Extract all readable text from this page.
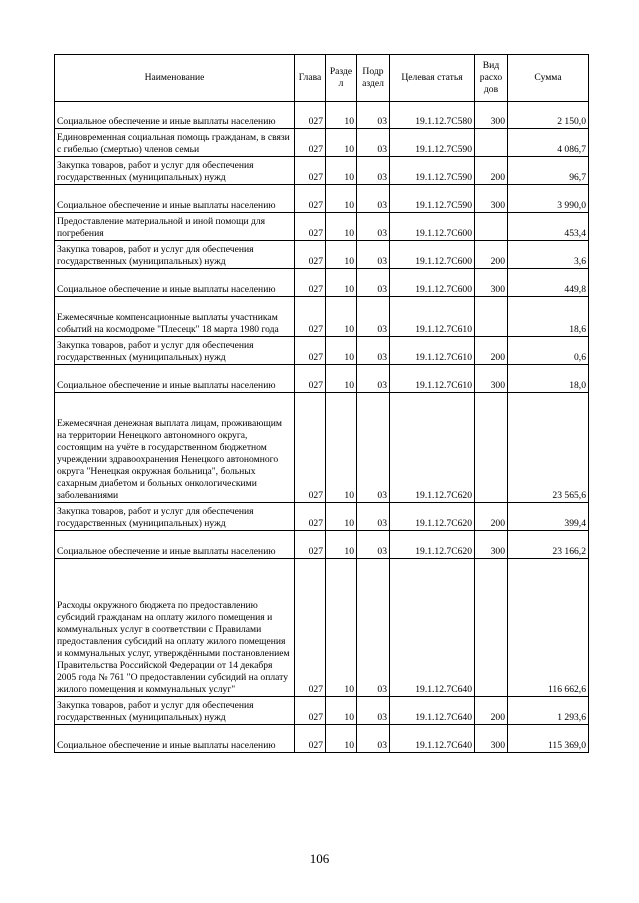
Наименование	Глава	Разде л	Подр аздел	Целевая статья	Вид расхо дов	Сумма

Социальное обеспечение и иные выплаты населению	027	10	03	19.1.12.7С580	300	2 150,0

Единовременная социальная помощь гражданам, в связи с гибелью (смертью) членов семьи	027	10	03	19.1.12.7С590		4 086,7

Закупка товаров, работ и услуг для обеспечения государственных (муниципальных) нужд	027	10	03	19.1.12.7С590	200	96,7

Социальное обеспечение и иные выплаты населению	027	10	03	19.1.12.7С590	300	3 990,0

Предоставление материальной и иной помощи для погребения	027	10	03	19.1.12.7С600		453,4

Закупка товаров, работ и услуг для обеспечения государственных (муниципальных) нужд	027	10	03	19.1.12.7С600	200	3,6

Социальное обеспечение и иные выплаты населению	027	10	03	19.1.12.7С600	300	449,8

Ежемесячные компенсационные выплаты участникам событий на космодроме "Плесецк" 18 марта 1980 года	027	10	03	19.1.12.7С610		18,6

Закупка товаров, работ и услуг для обеспечения государственных (муниципальных) нужд	027	10	03	19.1.12.7С610	200	0,6

Социальное обеспечение и иные выплаты населению	027	10	03	19.1.12.7С610	300	18,0

Ежемесячная денежная выплата лицам, проживающим на территории Ненецкого автономного округа, состоящим на учёте в государственном бюджетном учреждении здравоохранения Ненецкого автономного округа "Ненецкая окружная больница", больных сахарным диабетом и больных онкологическими заболеваниями	027	10	03	19.1.12.7С620		23 565,6

Закупка товаров, работ и услуг для обеспечения государственных (муниципальных) нужд	027	10	03	19.1.12.7С620	200	399,4

Социальное обеспечение и иные выплаты населению	027	10	03	19.1.12.7С620	300	23 166,2

Расходы окружного бюджета по предоставлению субсидий гражданам на оплату жилого помещения и коммунальных услуг в соответствии с Правилами предоставления субсидий на оплату жилого помещения и коммунальных услуг, утверждёнными постановлением Правительства Российской Федерации от 14 декабря 2005 года № 761 "О предоставлении субсидий на оплату жилого помещения и коммунальных услуг"	027	10	03	19.1.12.7С640		116 662,6

Закупка товаров, работ и услуг для обеспечения государственных (муниципальных) нужд	027	10	03	19.1.12.7С640	200	1 293,6

Социальное обеспечение и иные выплаты населению	027	10	03	19.1.12.7С640	300	115 369,0
106
